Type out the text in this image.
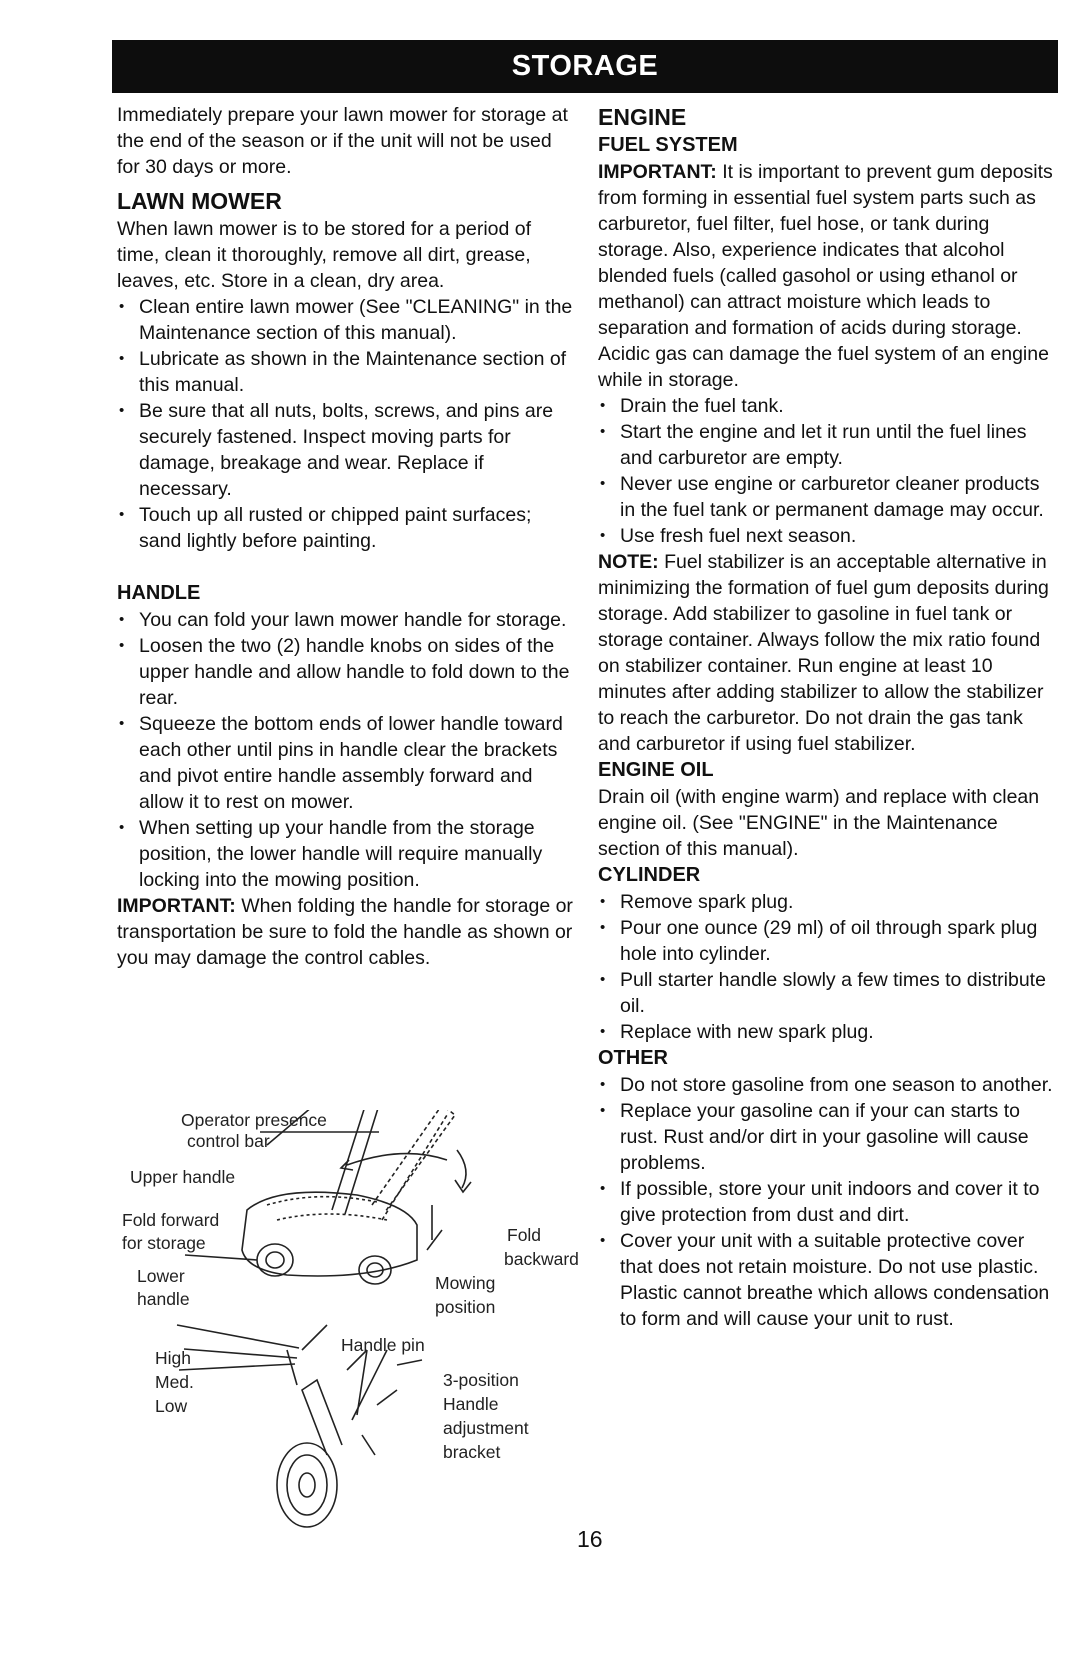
STORAGE

Immediately prepare your lawn mower for storage at the end of the season or if the unit will not be used for 30 days or more.

LAWN MOWER

When lawn mower is to be stored for a period of time, clean it thoroughly, remove all dirt, grease, leaves, etc. Store in a clean, dry area.

• Clean entire lawn mower (See "CLEANING" in the Maintenance section of this manual).
• Lubricate as shown in the Maintenance section of this manual.
• Be sure that all nuts, bolts, screws, and pins are securely fastened. Inspect moving parts for damage, breakage and wear. Replace if necessary.
• Touch up all rusted or chipped paint surfaces; sand lightly before painting.
HANDLE
• You can fold your lawn mower handle for storage.
• Loosen the two (2) handle knobs on sides of the upper handle and allow handle to fold down to the rear.
• Squeeze the bottom ends of lower handle toward each other until pins in handle clear the brackets and pivot entire handle assembly forward and allow it to rest on mower.
• When setting up your handle from the storage position, the lower handle will require manually locking into the mowing position.

IMPORTANT: When folding the handle for storage or transportation be sure to fold the handle as shown or you may damage the control cables.

Operator presence
control bar
Upper handle
Fold forward
for storage
Lower
handle
Fold
backward
Mowing
position
Handle pin
High
Med.
Low
3-position
Handle
adjustment
bracket
ENGINE
FUEL SYSTEM

IMPORTANT: It is important to prevent gum deposits from forming in essential fuel system parts such as carburetor, fuel filter, fuel hose, or tank during storage. Also, experience indicates that alcohol blended fuels (called gasohol or using ethanol or methanol) can attract moisture which leads to separation and formation of acids during storage. Acidic gas can damage the fuel system of an engine while in storage.

• Drain the fuel tank.
• Start the engine and let it run until the fuel lines and carburetor are empty.
• Never use engine or carburetor cleaner products in the fuel tank or permanent damage may occur.
• Use fresh fuel next season.

NOTE: Fuel stabilizer is an acceptable alternative in minimizing the formation of fuel gum deposits during storage. Add stabilizer to gasoline in fuel tank or storage container. Always follow the mix ratio found on stabilizer container. Run engine at least 10 minutes after adding stabilizer to allow the stabilizer to reach the carburetor. Do not drain the gas tank and carburetor if using fuel stabilizer.

ENGINE OIL

Drain oil (with engine warm) and replace with clean engine oil. (See "ENGINE" in the Maintenance section of this manual).

CYLINDER
• Remove spark plug.
• Pour one ounce (29 ml) of oil through spark plug hole into cylinder.
• Pull starter handle slowly a few times to distribute oil.
• Replace with new spark plug.
OTHER
• Do not store gasoline from one season to another.
• Replace your gasoline can if your can starts to rust. Rust and/or dirt in your gasoline will cause problems.
• If possible, store your unit indoors and cover it to give protection from dust and dirt.
• Cover your unit with a suitable protective cover that does not retain moisture. Do not use plastic. Plastic cannot breathe which allows condensation to form and will cause your unit to rust.
16
